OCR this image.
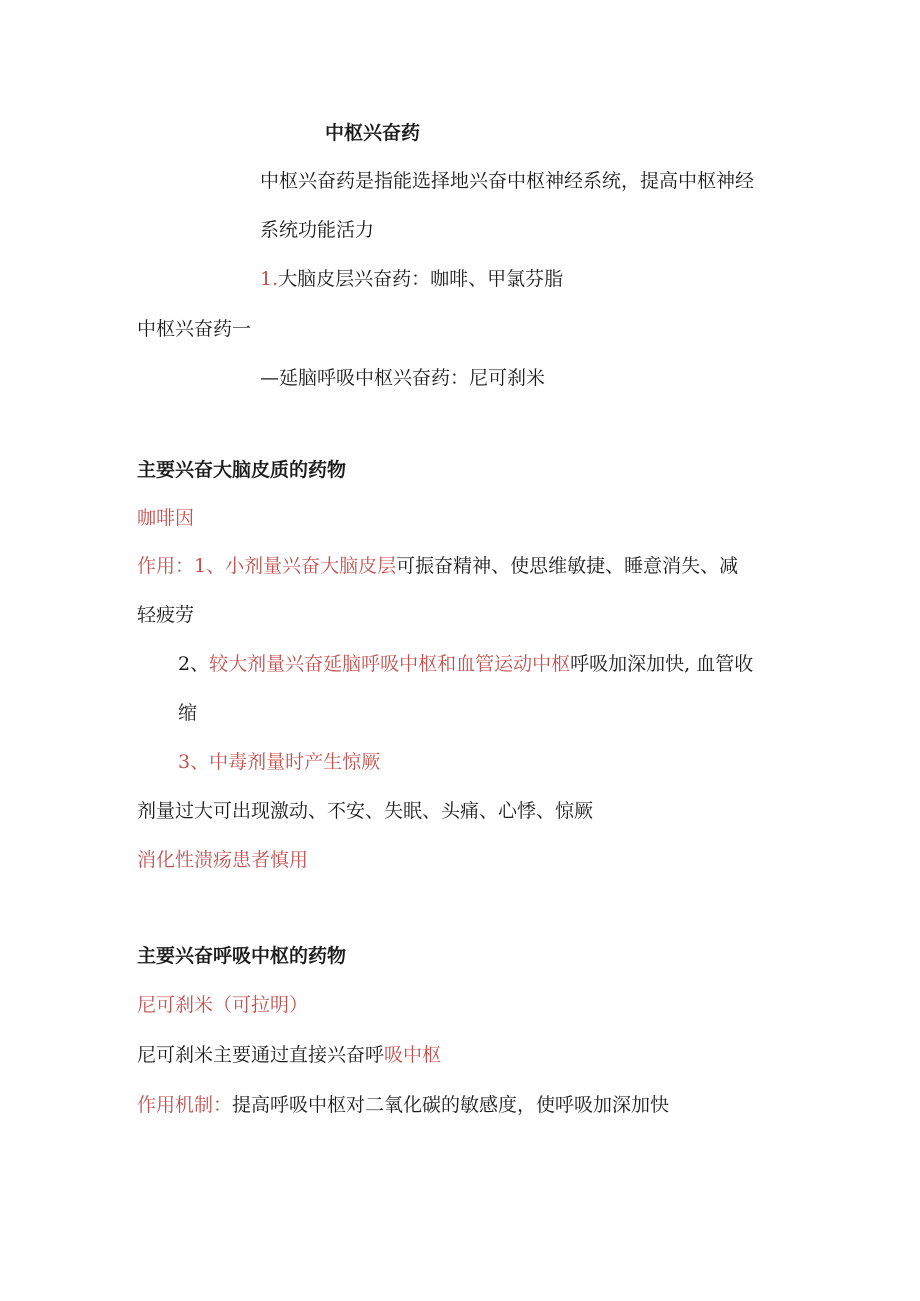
中枢兴奋药
中枢兴奋药是指能选择地兴奋中枢神经系统，提高中枢神经
系统功能活力
1.大脑皮层兴奋药：咖啡、甲氯芬脂
中枢兴奋药一
—延脑呼吸中枢兴奋药：尼可刹米
主要兴奋大脑皮质的药物
咖啡因
作用：1、小剂量兴奋大脑皮层可振奋精神、使思维敏捷、睡意消失、减
轻疲劳
2、较大剂量兴奋延脑呼吸中枢和血管运动中枢呼吸加深加快, 血管收
缩
3、中毒剂量时产生惊厥
剂量过大可出现激动、不安、失眠、头痛、心悸、惊厥
消化性溃疡患者慎用
主要兴奋呼吸中枢的药物
尼可刹米（可拉明）
尼可刹米主要通过直接兴奋呼吸中枢
作用机制：提高呼吸中枢对二氧化碳的敏感度，使呼吸加深加快
